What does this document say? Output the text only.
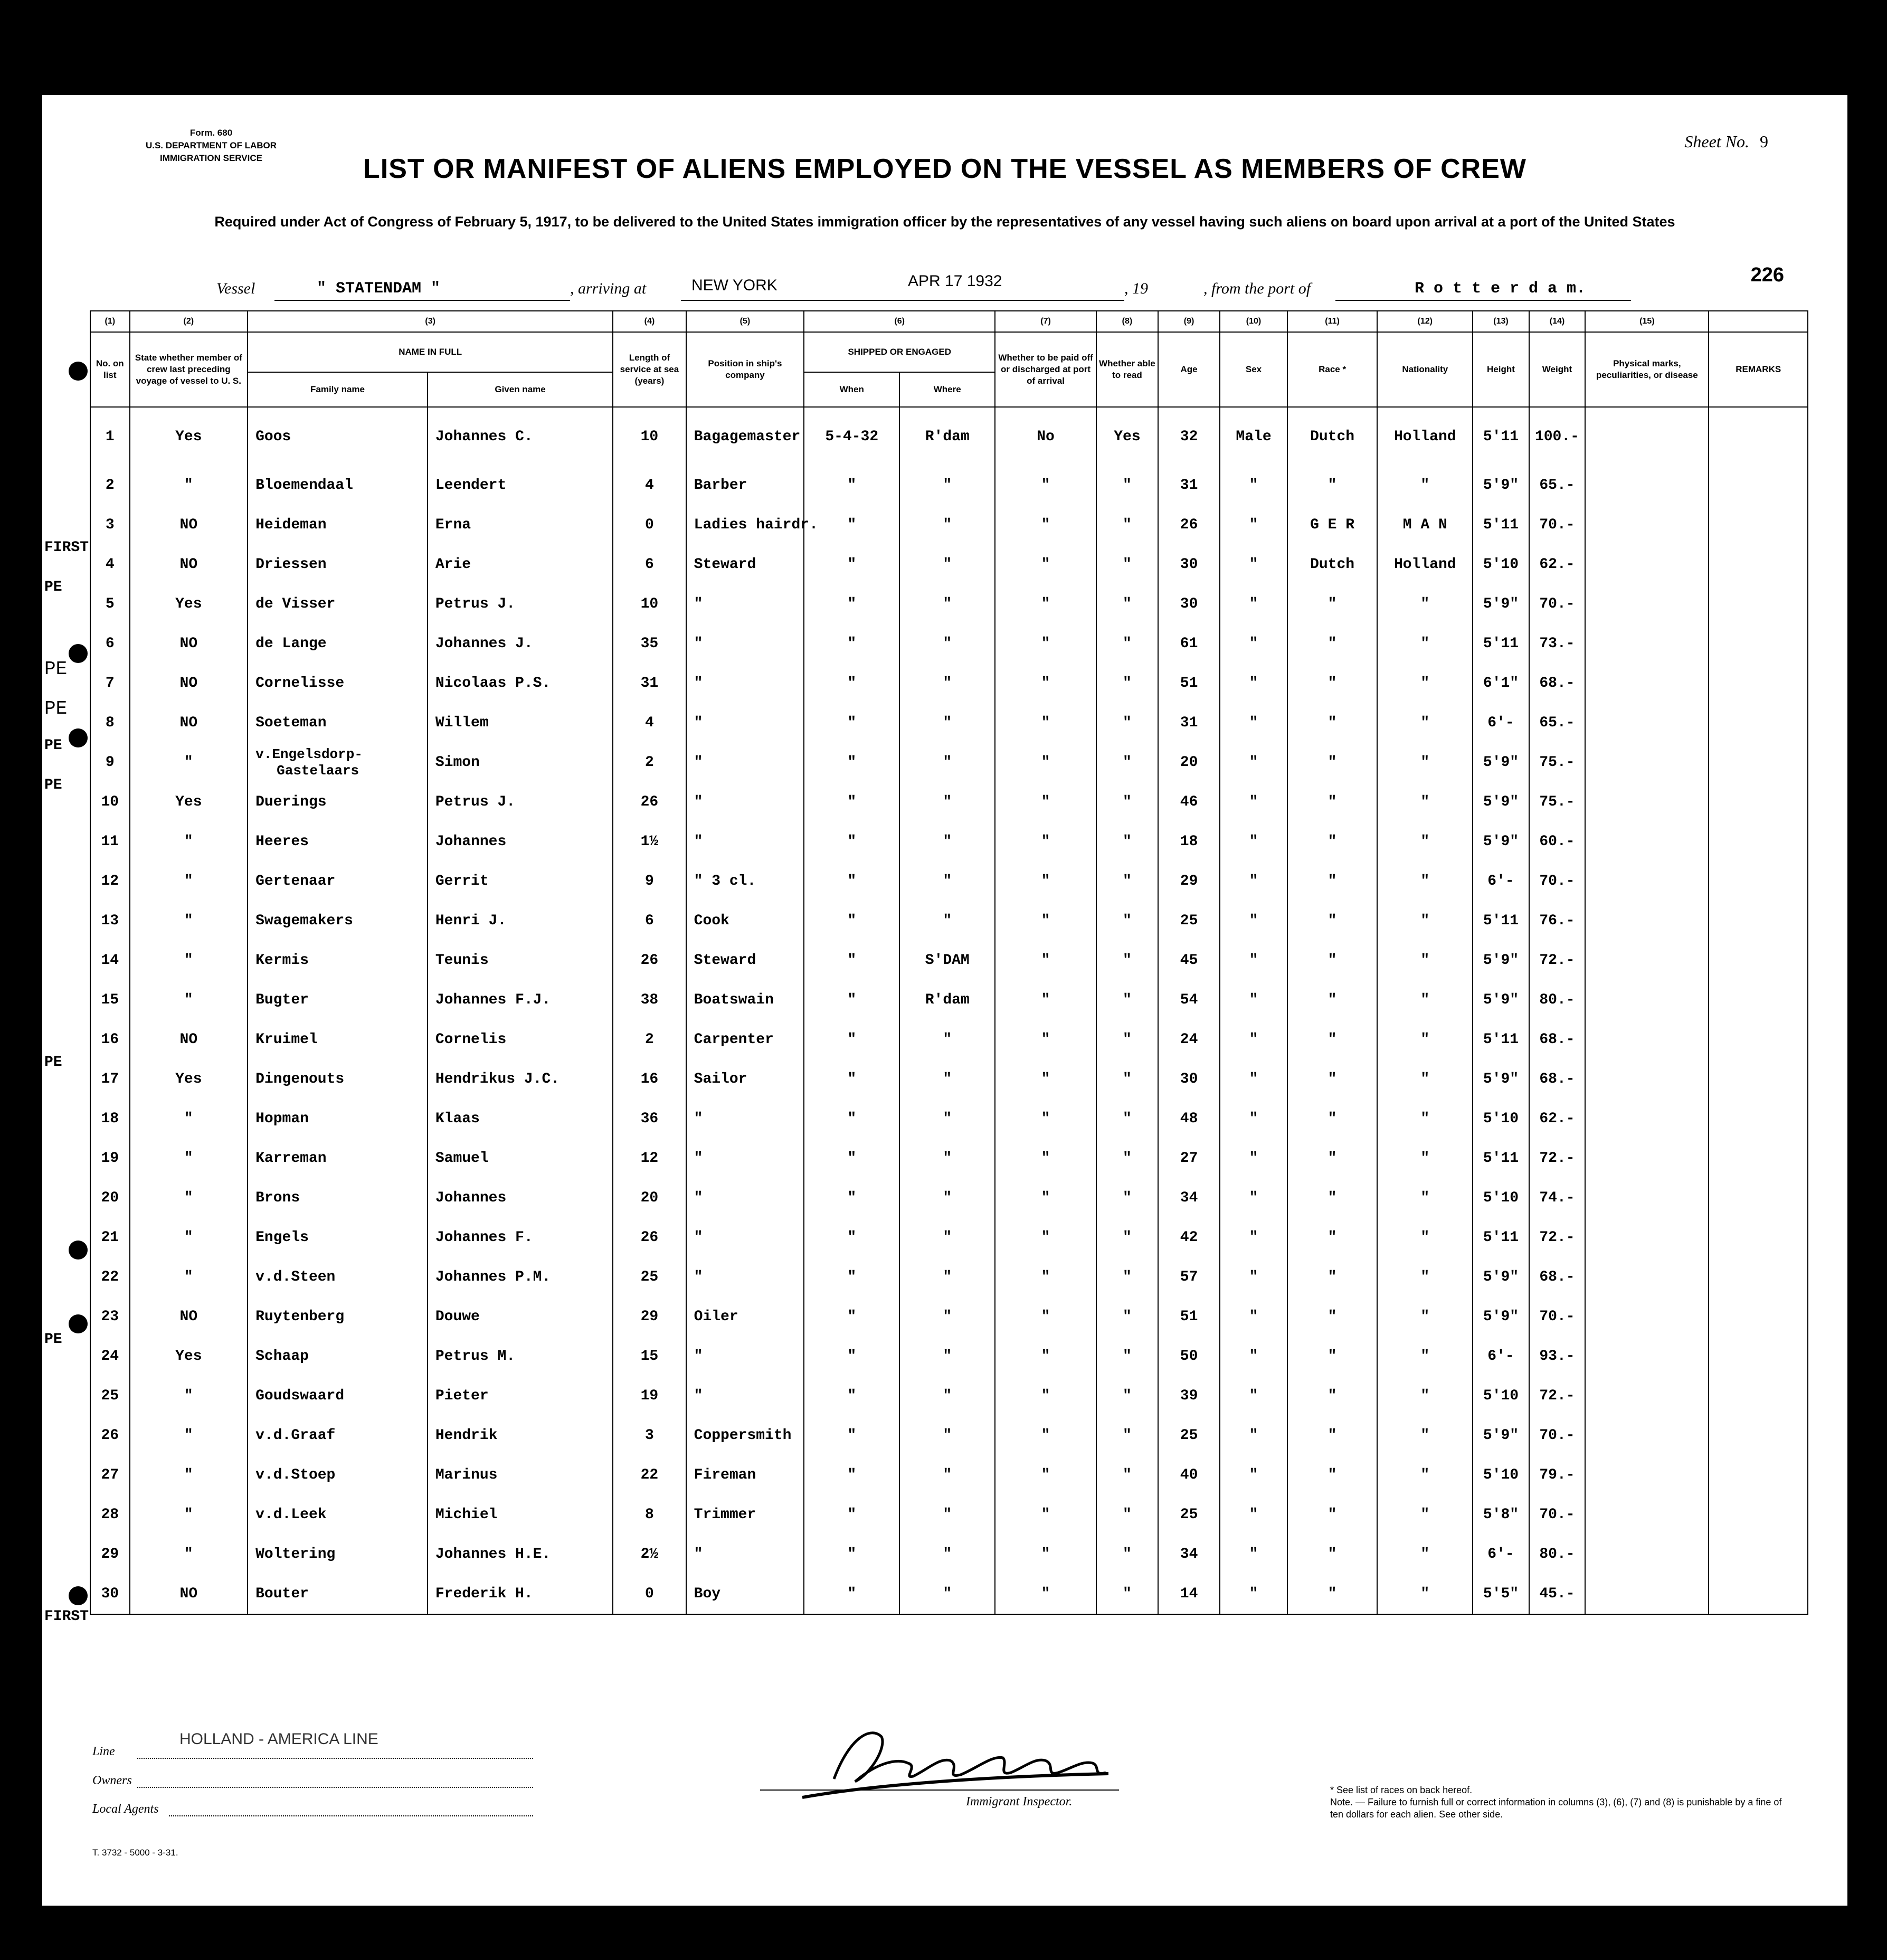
Form. 680
U.S. DEPARTMENT OF LABOR
IMMIGRATION SERVICE
Sheet No. 9
LIST OR MANIFEST OF ALIENS EMPLOYED ON THE VESSEL AS MEMBERS OF CREW
Required under Act of Congress of February 5, 1917, to be delivered to the United States immigration officer by the representatives of any vessel having such aliens on board upon arrival at a port of the United States
Vessel	" STATENDAM "	, arriving at	NEW YORK	APR 17 1932	, 19	, from the port of	R o t t e r d a m.
226
FIRST
PE
PE
PE
PE
PE
PE
PE
FIRST
(1)	(2)	(3)		(4)	(5)	(6)		(7)	(8)	(9)	(10)	(11)	(12)	(13)	(14)	(15)	
No. on list	State whether member of crew last preceding voyage of vessel to U. S.	NAME IN FULL		Length of service at sea (years)	Position in ship's company	SHIPPED OR ENGAGED		Whether to be paid off or discharged at port of arrival	Whether able to read	Age	Sex	Race *	Nationality	Height	Weight	Physical marks, peculiarities, or disease	REMARKS
		Family name	Given name			When	Where										
1	Yes	Goos	Johannes C.	10	Bagagemaster	5-4-32	R'dam	No	Yes	32	Male	Dutch	Holland	5'11	100.-		
2	"	Bloemendaal	Leendert	4	Barber	"	"	"	"	31	"	"	"	5'9"	65.-		
3	NO	Heideman	Erna	0	Ladies hairdr.	"	"	"	"	26	"	G E R	M A N	5'11	70.-		
4	NO	Driessen	Arie	6	Steward	"	"	"	"	30	"	Dutch	Holland	5'10	62.-		
5	Yes	de Visser	Petrus J.	10	"	"	"	"	"	30	"	"	"	5'9"	70.-		
6	NO	de Lange	Johannes J.	35	"	"	"	"	"	61	"	"	"	5'11	73.-		
7	NO	Cornelisse	Nicolaas P.S.	31	"	"	"	"	"	51	"	"	"	6'1"	68.-		
8	NO	Soeteman	Willem	4	"	"	"	"	"	31	"	"	"	6'-	65.-		
9	"	v.Engelsdorp-
Gastelaars	Simon	2	"	"	"	"	"	20	"	"	"	5'9"	75.-		
10	Yes	Duerings	Petrus J.	26	"	"	"	"	"	46	"	"	"	5'9"	75.-		
11	"	Heeres	Johannes	1½	"	"	"	"	"	18	"	"	"	5'9"	60.-		
12	"	Gertenaar	Gerrit	9	" 3 cl.	"	"	"	"	29	"	"	"	6'-	70.-		
13	"	Swagemakers	Henri J.	6	Cook	"	"	"	"	25	"	"	"	5'11	76.-		
14	"	Kermis	Teunis	26	Steward	"	S'DAM	"	"	45	"	"	"	5'9"	72.-		
15	"	Bugter	Johannes F.J.	38	Boatswain	"	R'dam	"	"	54	"	"	"	5'9"	80.-		
16	NO	Kruimel	Cornelis	2	Carpenter	"	"	"	"	24	"	"	"	5'11	68.-		
17	Yes	Dingenouts	Hendrikus J.C.	16	Sailor	"	"	"	"	30	"	"	"	5'9"	68.-		
18	"	Hopman	Klaas	36	"	"	"	"	"	48	"	"	"	5'10	62.-		
19	"	Karreman	Samuel	12	"	"	"	"	"	27	"	"	"	5'11	72.-		
20	"	Brons	Johannes	20	"	"	"	"	"	34	"	"	"	5'10	74.-		
21	"	Engels	Johannes F.	26	"	"	"	"	"	42	"	"	"	5'11	72.-		
22	"	v.d.Steen	Johannes P.M.	25	"	"	"	"	"	57	"	"	"	5'9"	68.-		
23	NO	Ruytenberg	Douwe	29	Oiler	"	"	"	"	51	"	"	"	5'9"	70.-		
24	Yes	Schaap	Petrus M.	15	"	"	"	"	"	50	"	"	"	6'-	93.-		
25	"	Goudswaard	Pieter	19	"	"	"	"	"	39	"	"	"	5'10	72.-		
26	"	v.d.Graaf	Hendrik	3	Coppersmith	"	"	"	"	25	"	"	"	5'9"	70.-		
27	"	v.d.Stoep	Marinus	22	Fireman	"	"	"	"	40	"	"	"	5'10	79.-		
28	"	v.d.Leek	Michiel	8	Trimmer	"	"	"	"	25	"	"	"	5'8"	70.-		
29	"	Woltering	Johannes H.E.	2½	"	"	"	"	"	34	"	"	"	6'-	80.-		
30	NO	Bouter	Frederik H.	0	Boy	"	"	"	"	14	"	"	"	5'5"	45.-		
HOLLAND - AMERICA LINE
Line
Owners
Local Agents
Immigrant Inspector.
T. 3732 - 5000 - 3-31.
* See list of races on back hereof.
Note. — Failure to furnish full or correct information in columns (3), (6), (7) and (8) is punishable by a fine of ten dollars for each alien. See other side.
